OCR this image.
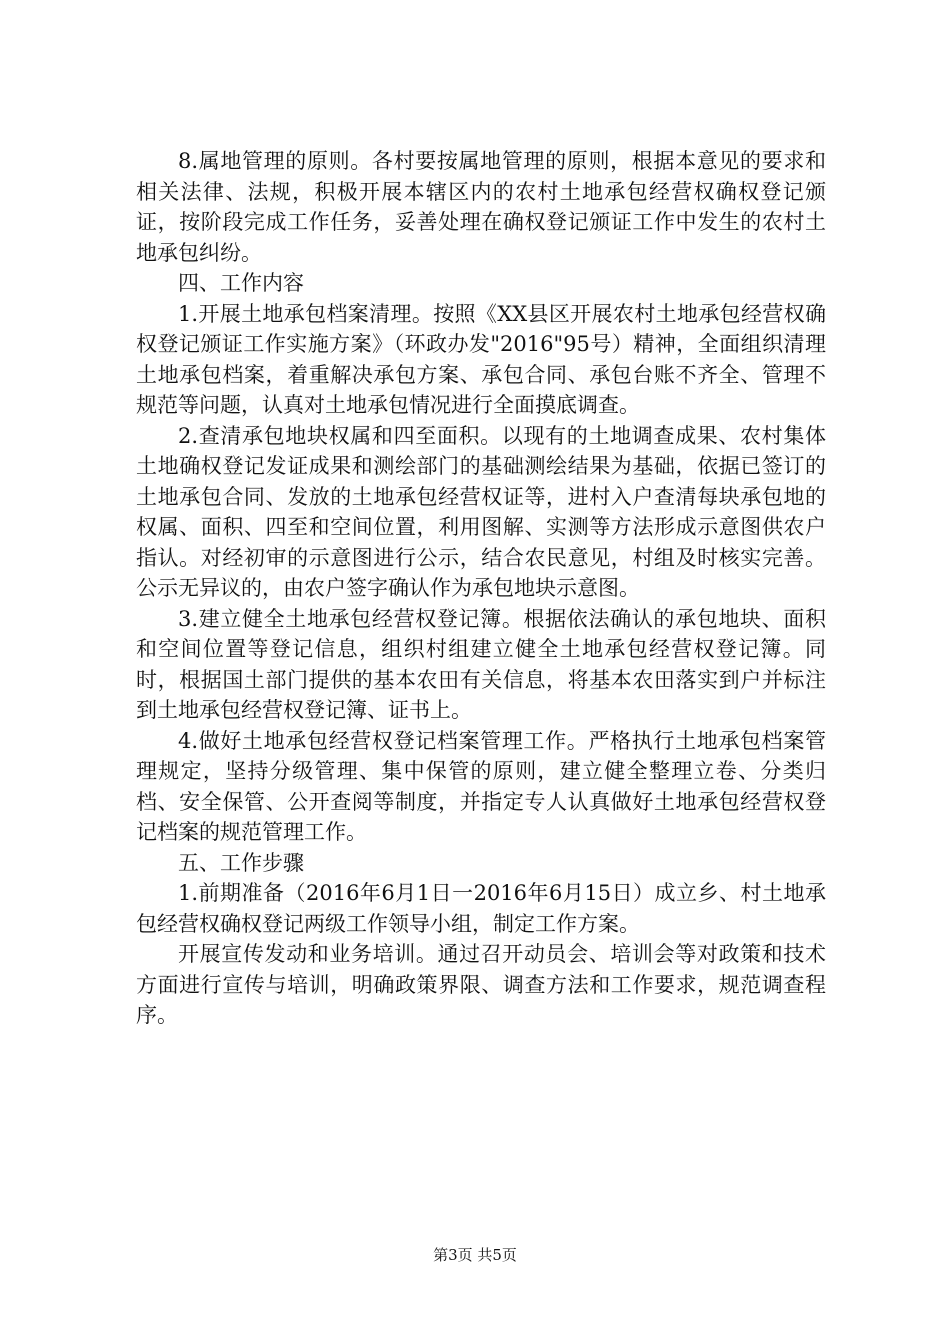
8.属地管理的原则。各村要按属地管理的原则，根据本意见的要求和相关法律、法规，积极开展本辖区内的农村土地承包经营权确权登记颁证，按阶段完成工作任务，妥善处理在确权登记颁证工作中发生的农村土地承包纠纷。

四、工作内容

1.开展土地承包档案清理。按照《XX县区开展农村土地承包经营权确权登记颁证工作实施方案》（环政办发"2016"95号）精神，全面组织清理土地承包档案，着重解决承包方案、承包合同、承包台账不齐全、管理不规范等问题，认真对土地承包情况进行全面摸底调查。

2.查清承包地块权属和四至面积。以现有的土地调查成果、农村集体土地确权登记发证成果和测绘部门的基础测绘结果为基础，依据已签订的土地承包合同、发放的土地承包经营权证等，进村入户查清每块承包地的权属、面积、四至和空间位置，利用图解、实测等方法形成示意图供农户指认。对经初审的示意图进行公示，结合农民意见，村组及时核实完善。公示无异议的，由农户签字确认作为承包地块示意图。

3.建立健全土地承包经营权登记簿。根据依法确认的承包地块、面积和空间位置等登记信息，组织村组建立健全土地承包经营权登记簿。同时，根据国土部门提供的基本农田有关信息，将基本农田落实到户并标注到土地承包经营权登记簿、证书上。

4.做好土地承包经营权登记档案管理工作。严格执行土地承包档案管理规定，坚持分级管理、集中保管的原则，建立健全整理立卷、分类归档、安全保管、公开查阅等制度，并指定专人认真做好土地承包经营权登记档案的规范管理工作。

五、工作步骤

1.前期准备（2016年6月1日一2016年6月15日）成立乡、村土地承包经营权确权登记两级工作领导小组，制定工作方案。

开展宣传发动和业务培训。通过召开动员会、培训会等对政策和技术方面进行宣传与培训，明确政策界限、调查方法和工作要求，规范调查程序。

第3页 共5页
